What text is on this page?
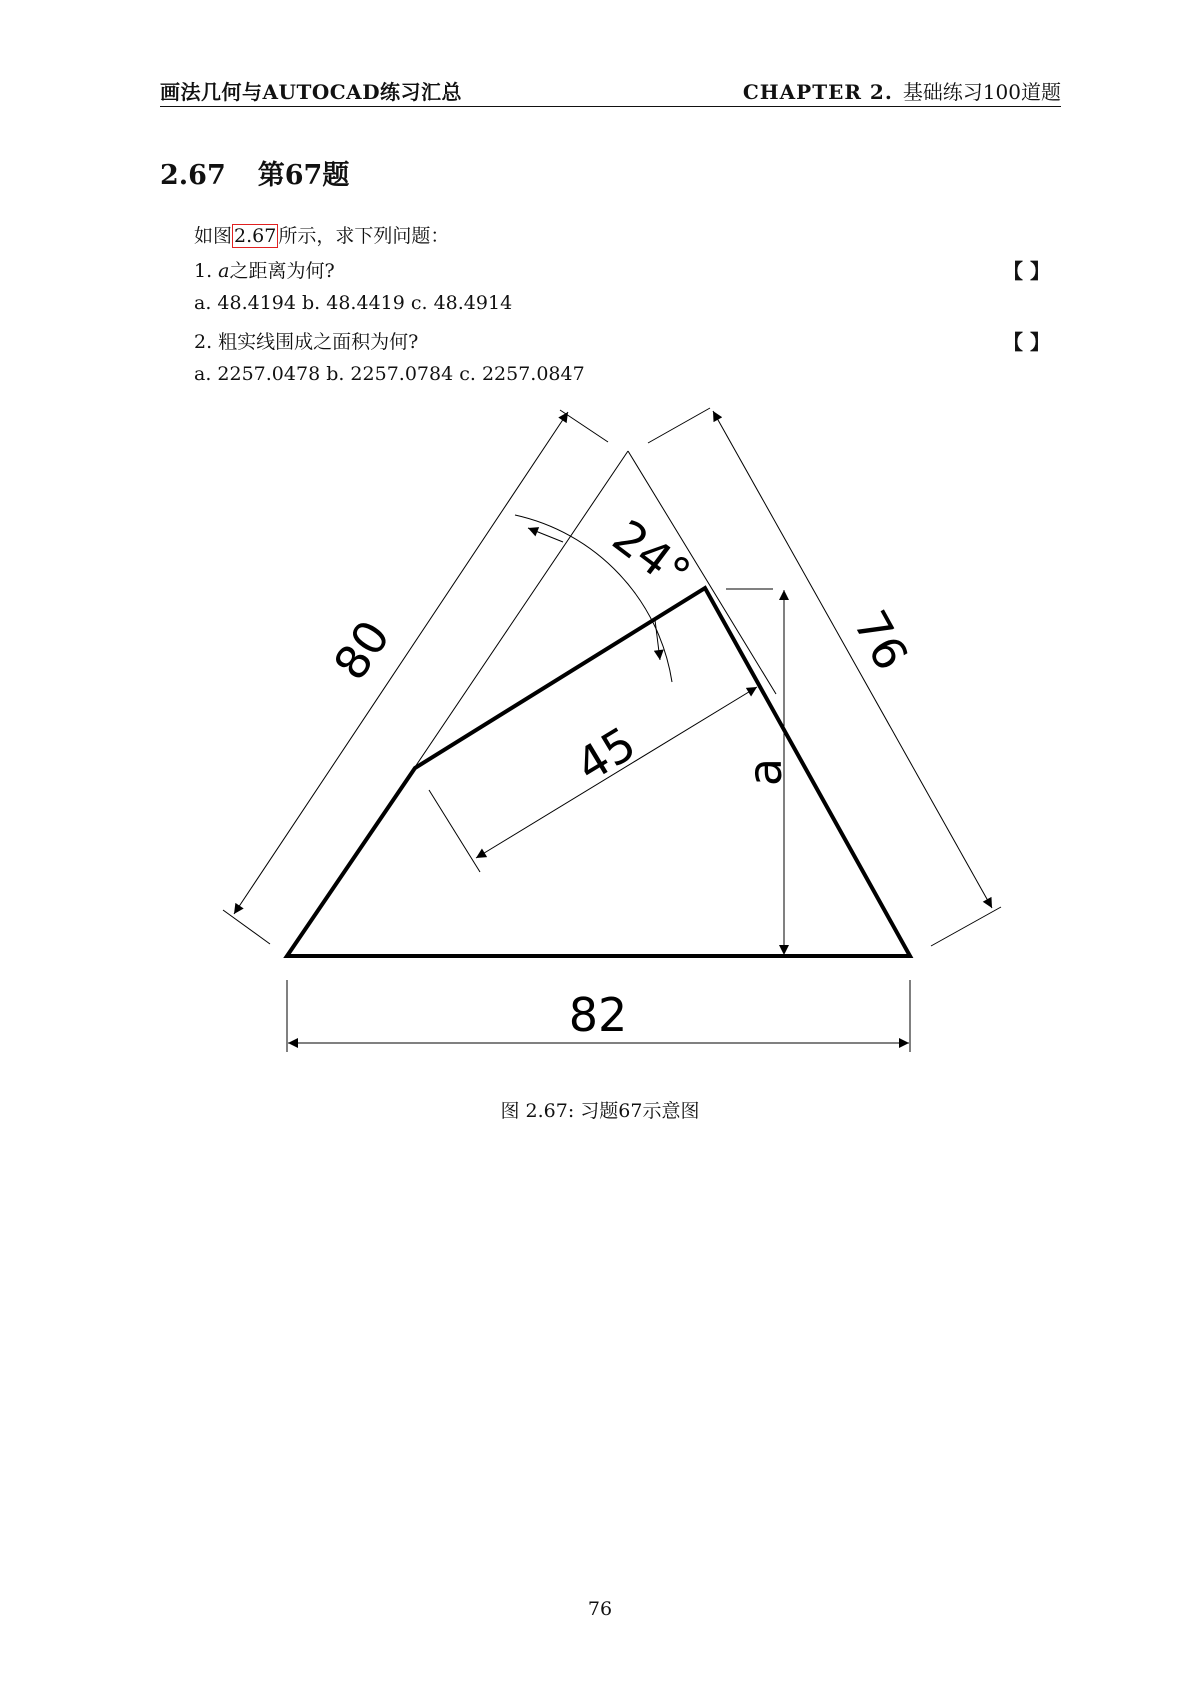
画法几何与AUTOCAD练习汇总	CHAPTER 2. 基础练习100道题
2.67 第67题
如图 2.67 所示，求下列问题：
1. a之距离为何?	【 】
a. 48.4194 b. 48.4419 c. 48.4914
2. 粗实线围成之面积为何?	【 】
a. 2257.0478 b. 2257.0784 c. 2257.0847
80	76
24°
45 a
82
图 2.67: 习题67示意图
76
